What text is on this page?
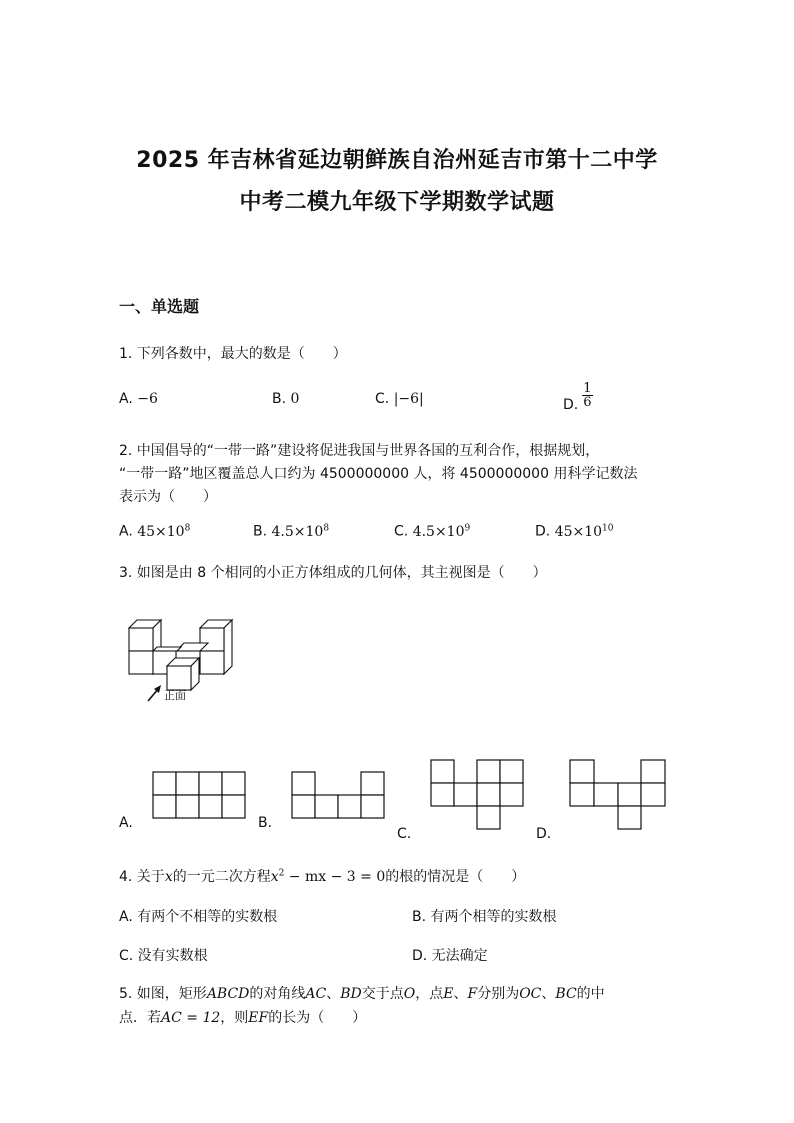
2025 年吉林省延边朝鲜族自治州延吉市第十二中学
中考二模九年级下学期数学试题
一、单选题
1. 下列各数中，最大的数是（　　）
A. −6	B. 0	C. |−6|	D. $\frac{1}{6}$
2. 中国倡导的“一带一路”建设将促进我国与世界各国的互利合作，根据规划，
“一带一路”地区覆盖总人口约为 4500000000 人，将 4500000000 用科学记数法
表示为（　　）
A. $45\times 10^8$	B. $4.5\times 10^8$	C. $4.5\times 10^9$	D. $45\times 10^{10}$
3. 如图是由 8 个相同的小正方体组成的几何体，其主视图是（　　）
正面
A.	B.
C.	D.
4. 关于x的一元二次方程$x^2$ − mx − 3 = 0的根的情况是（　　）
A. 有两个不相等的实数根	B. 有两个相等的实数根
C. 没有实数根	D. 无法确定
5. 如图，矩形ABCD的对角线AC、BD交于点O，点E、F分别为OC、BC的中
点．若AC = 12，则EF的长为（　　）
